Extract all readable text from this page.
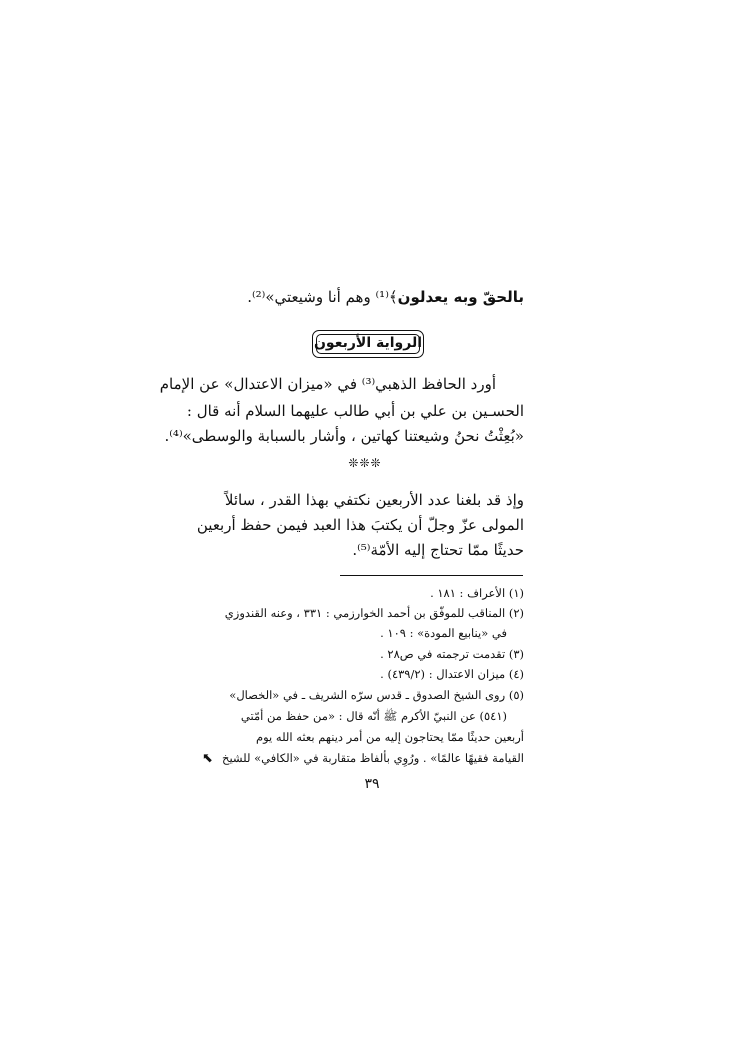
بالحقّ وبه يعدلون﴾⁽¹⁾ وهم أنا وشيعتي»⁽²⁾.
الرواية الأربعون
أورد الحافظ الذهبي⁽³⁾ في «ميزان الاعتدال» عن الإمام
الحسـين بن علي بن أبي طالب عليهما السلام أنه قال :
«بُعِثْتُ نحنُ وشيعتنا كهاتين ، وأشار بالسبابة والوسطى»⁽⁴⁾.
❊❊❊
وإذ قد بلغنا عدد الأربعين نكتفي بهذا القدر ، سائلاً
المولى عزّ وجلّ أن يكتبَ هذا العبد فيمن حفظ أربعين
حديثًا ممّا تحتاج إليه الأمّة⁽⁵⁾.
(١) الأعراف : ١٨١ .
(٢) المناقب للموفّق بن أحمد الخوارزمي : ٣٣١ ، وعنه القندوزي
في «ينابيع المودة» : ١٠٩ .
(٣) تقدمت ترجمته في ص٢٨ .
(٤) ميزان الاعتدال : (٤٣٩/٢) .
(٥) روى الشيخ الصدوق ـ قدس سرّه الشريف ـ في «الخصال»
(٥٤١) عن النبيّ الأكرم ﷺ أنّه قال : «من حفظ من أمّتي
أربعين حديثًا ممّا يحتاجون إليه من أمر دينهم بعثه الله يوم
القيامة فقيهًا عالمًا» . ورُوِي بألفاظ متقاربة في «الكافي» للشيخ
⬉
٣٩
